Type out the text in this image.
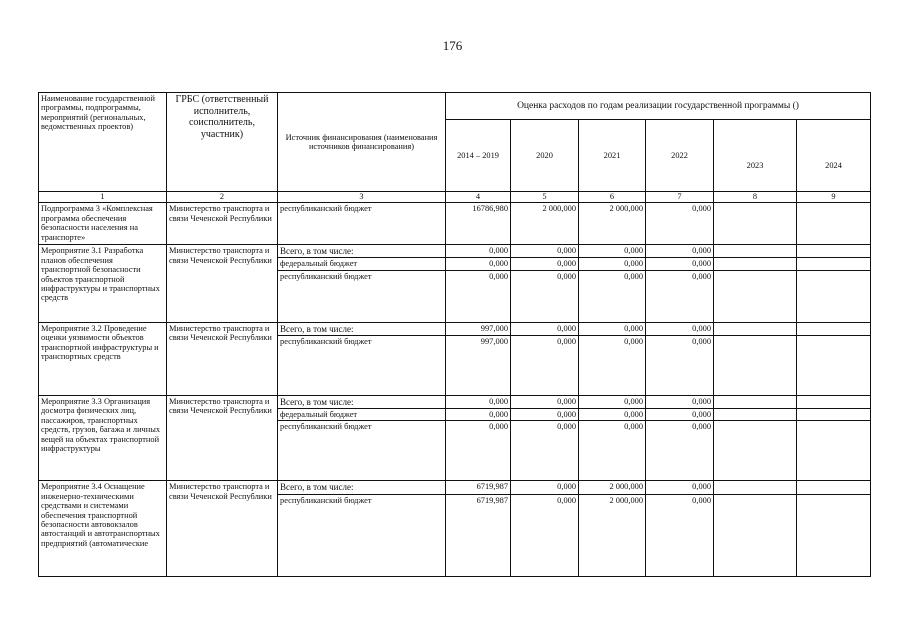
176
Наименование государственной программы, подпрограммы, мероприятий (региональных, ведомственных проектов)	ГРБС (ответственный исполнитель, соисполнитель, участник)	Источник финансирования (наименования источников финансирования)	Оценка расходов по годам реализации государственной программы ()					
			2014 – 2019	2020	2021	2022	2023	2024
1	2	3	4	5	6	7	8	9
Подпрограмма 3 «Комплексная программа обеспечения безопасности населения на транспорте»	Министерство транспорта и связи Чеченской Республики	республиканский бюджет	16786,980	2 000,000	2 000,000	0,000		
Мероприятие 3.1 Разработка планов обеспечения транспортной безопасности объектов транспортной инфраструктуры и транспортных средств	Министерство транспорта и связи Чеченской Республики	Всего, в том числе:	0,000	0,000	0,000	0,000		
		федеральный бюджет	0,000	0,000	0,000	0,000		
		республиканский бюджет	0,000	0,000	0,000	0,000		
Мероприятие 3.2 Проведение оценки уязвимости объектов транспортной инфраструктуры и транспортных средств	Министерство транспорта и связи Чеченской Республики	Всего, в том числе:	997,000	0,000	0,000	0,000		
		республиканский бюджет	997,000	0,000	0,000	0,000		
Мероприятие 3.3 Организация досмотра физических лиц, пассажиров, транспортных средств, грузов, багажа и личных вещей на объектах транспортной инфраструктуры	Министерство транспорта и связи Чеченской Республики	Всего, в том числе:	0,000	0,000	0,000	0,000		
		федеральный бюджет	0,000	0,000	0,000	0,000		
		республиканский бюджет	0,000	0,000	0,000	0,000		
Мероприятие 3.4 Оснащение инженерно-техническими средствами и системами обеспечения транспортной безопасности автовокзалов автостанций и автотранспортных предприятий (автоматические	Министерство транспорта и связи Чеченской Республики	Всего, в том числе:	6719,987	0,000	2 000,000	0,000		
		республиканский бюджет	6719,987	0,000	2 000,000	0,000		
